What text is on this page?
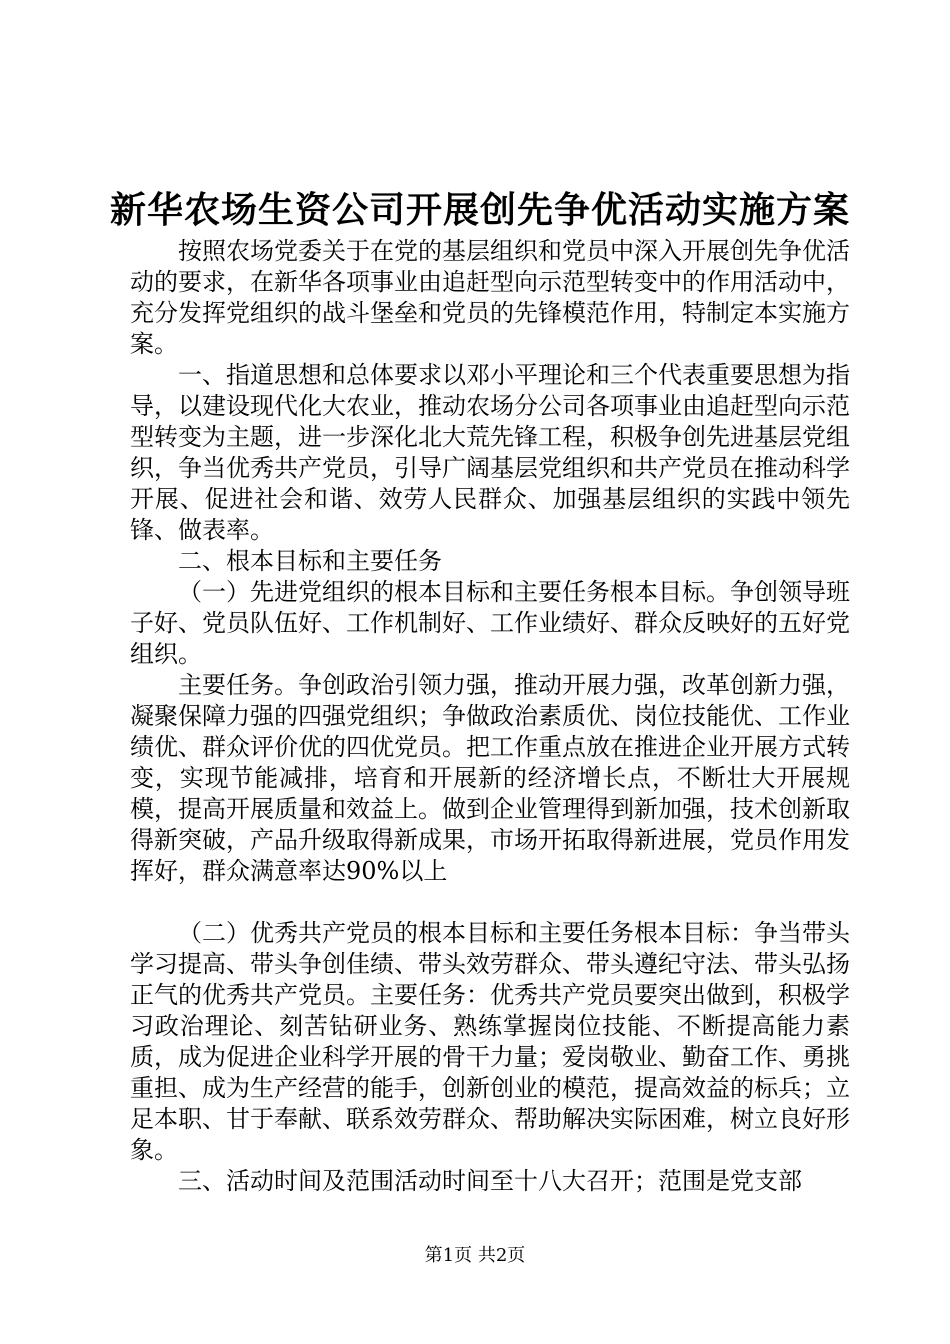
新华农场生资公司开展创先争优活动实施方案

按照农场党委关于在党的基层组织和党员中深入开展创先争优活动的要求，在新华各项事业由追赶型向示范型转变中的作用活动中，充分发挥党组织的战斗堡垒和党员的先锋模范作用，特制定本实施方案。

一、指道思想和总体要求以邓小平理论和三个代表重要思想为指导，以建设现代化大农业，推动农场分公司各项事业由追赶型向示范型转变为主题，进一步深化北大荒先锋工程，积极争创先进基层党组织，争当优秀共产党员，引导广阔基层党组织和共产党员在推动科学开展、促进社会和谐、效劳人民群众、加强基层组织的实践中领先锋、做表率。

二、根本目标和主要任务

（一）先进党组织的根本目标和主要任务根本目标。争创领导班子好、党员队伍好、工作机制好、工作业绩好、群众反映好的五好党组织。

主要任务。争创政治引领力强，推动开展力强，改革创新力强，凝聚保障力强的四强党组织；争做政治素质优、岗位技能优、工作业绩优、群众评价优的四优党员。把工作重点放在推进企业开展方式转变，实现节能减排，培育和开展新的经济增长点，不断壮大开展规模，提高开展质量和效益上。做到企业管理得到新加强，技术创新取得新突破，产品升级取得新成果，市场开拓取得新进展，党员作用发挥好，群众满意率达90%以上

（二）优秀共产党员的根本目标和主要任务根本目标：争当带头学习提高、带头争创佳绩、带头效劳群众、带头遵纪守法、带头弘扬正气的优秀共产党员。主要任务：优秀共产党员要突出做到，积极学习政治理论、刻苦钻研业务、熟练掌握岗位技能、不断提高能力素质，成为促进企业科学开展的骨干力量；爱岗敬业、勤奋工作、勇挑重担、成为生产经营的能手，创新创业的模范，提高效益的标兵；立足本职、甘于奉献、联系效劳群众、帮助解决实际困难，树立良好形象。

三、活动时间及范围活动时间至十八大召开；范围是党支部

第1页 共2页
